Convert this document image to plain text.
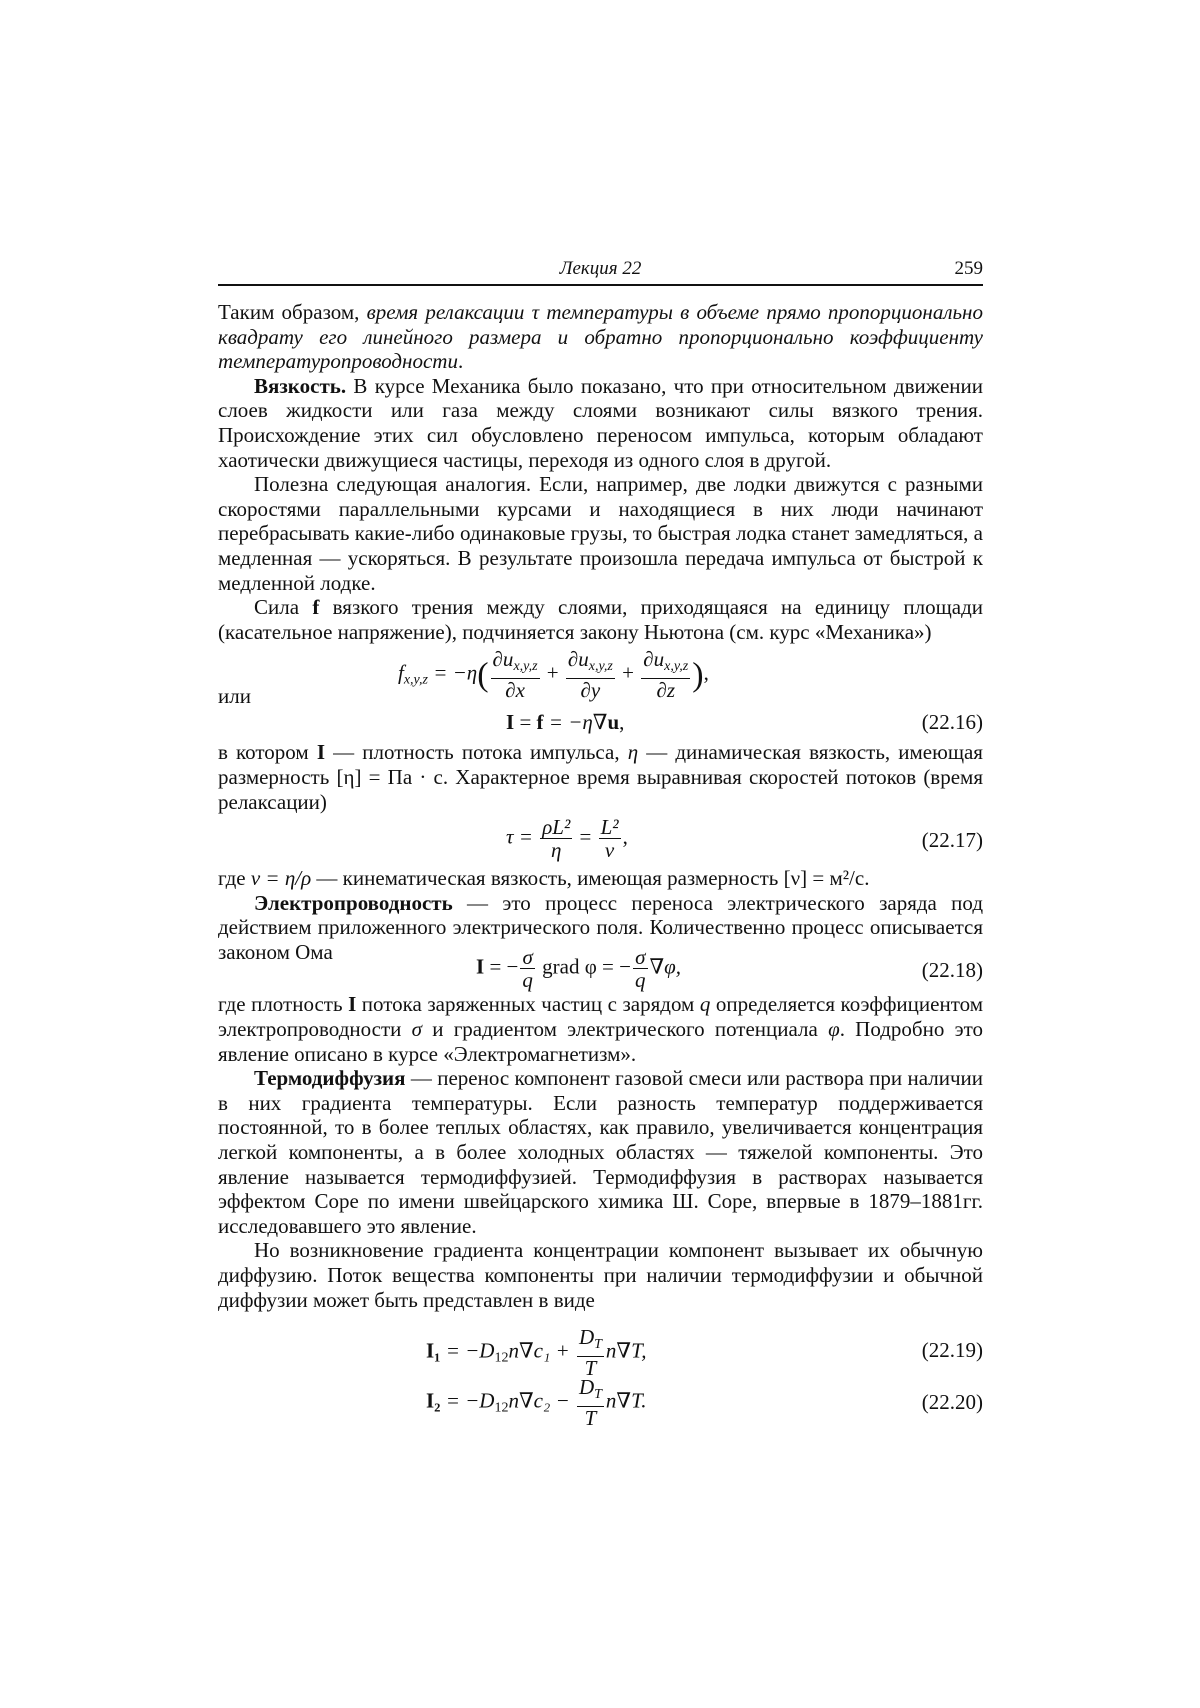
Лекция 22	259

Таким образом, время релаксации τ температуры в объеме прямо пропорционально квадрату его линейного размера и обратно пропорционально коэффициенту температуропроводности.

Вязкость. В курсе Механика было показано, что при относительном движении слоев жидкости или газа между слоями возникают силы вязкого трения. Происхождение этих сил обусловлено переносом импульса, которым обладают хаотически движущиеся частицы, переходя из одного слоя в другой.

Полезна следующая аналогия. Если, например, две лодки движутся с разными скоростями параллельными курсами и находящиеся в них люди начинают перебрасывать какие-либо одинаковые грузы, то быстрая лодка станет замедляться, а медленная — ускоряться. В результате произошла передача импульса от быстрой к медленной лодке.

Сила f вязкого трения между слоями, приходящаяся на единицу площади (касательное напряжение), подчиняется закону Ньютона (см. курс «Механика»)

$f_{x,y,z} = -\eta( \frac{\partial u_{x,y,z}}{\partial x} + \frac{\partial u_{x,y,z}}{\partial y} + \frac{\partial u_{x,y,z}}{\partial z}$ ),
или
I = f = −η∇u,	(22.16)

в котором I — плотность потока импульса, η — динамическая вязкость, имеющая размерность [η] = Па · с. Характерное время выравнивая скоростей потоков (время релаксации)

$\tau = \frac{\text{ρL²}}{\eta} = \frac{\text{L²}}{\nu}$ ,	(22.17)

где ν = η/ρ — кинематическая вязкость, имеющая размерность [ν] = м²/с.

Электропроводность — это процесс переноса электрического заряда под действием приложенного электрического поля. Количественно процесс описывается законом Ома

I = − $\frac{\sigma}{q}$ grad φ = − $\frac{\sigma}{q} \nabla\varphi$,	(22.18)

где плотность I потока заряженных частиц с зарядом q определяется коэффициентом электропроводности σ и градиентом электрического потенциала φ. Подробно это явление описано в курсе «Электромагнетизм».

Термодиффузия — перенос компонент газовой смеси или раствора при наличии в них градиента температуры. Если разность температур поддерживается постоянной, то в более теплых областях, как правило, увеличивается концентрация легкой компоненты, а в более холодных областях — тяжелой компоненты. Это явление называется термодиффузией. Термодиффузия в растворах называется эффектом Соре по имени швейцарского химика Ш. Соре, впервые в 1879–1881гг. исследовавшего это явление.

Но возникновение градиента концентрации компонент вызывает их обычную диффузию. Поток вещества компоненты при наличии термодиффузии и обычной диффузии может быть представлен в виде

$I_1 = -D_{12}n\nabla c_1 + \frac{D_T}{T} n\nabla T$,	(22.19)
$I_2 = -D_{12}n\nabla c_2 - \frac{D_T}{T} n\nabla T$.	(22.20)
